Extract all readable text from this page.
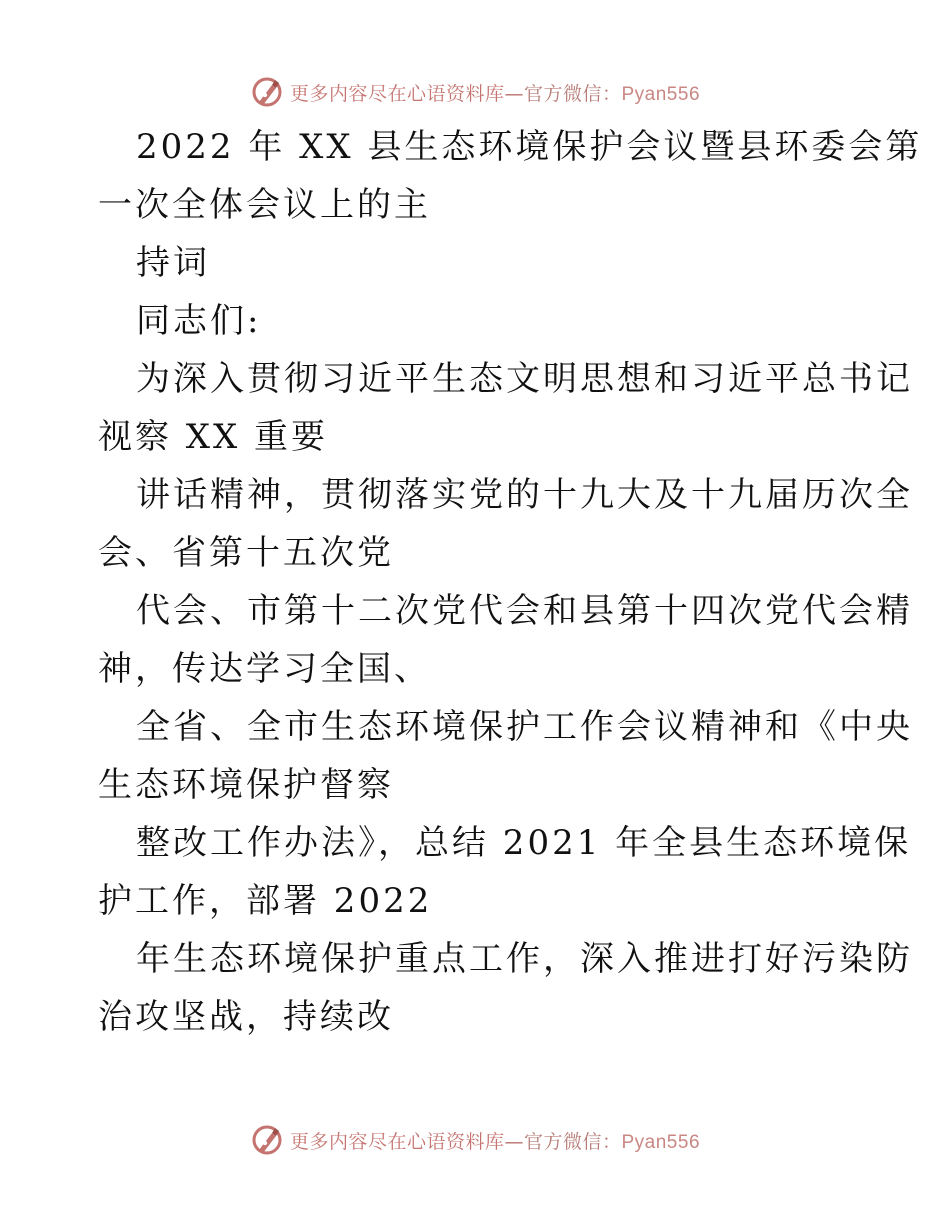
更多内容尽在心语资料库—官方微信：Pyan556
2022 年 XX 县生态环境保护会议暨县环委会第
一次全体会议上的主
持词
同志们:
为深入贯彻习近平生态文明思想和习近平总书记
视察 XX 重要
讲话精神，贯彻落实党的十九大及十九届历次全
会、省第十五次党
代会、市第十二次党代会和县第十四次党代会精
神，传达学习全国、
全省、全市生态环境保护工作会议精神和《中央
生态环境保护督察
整改工作办法》，总结 2021 年全县生态环境保
护工作，部署 2022
年生态环境保护重点工作，深入推进打好污染防
治攻坚战，持续改
更多内容尽在心语资料库—官方微信：Pyan556
